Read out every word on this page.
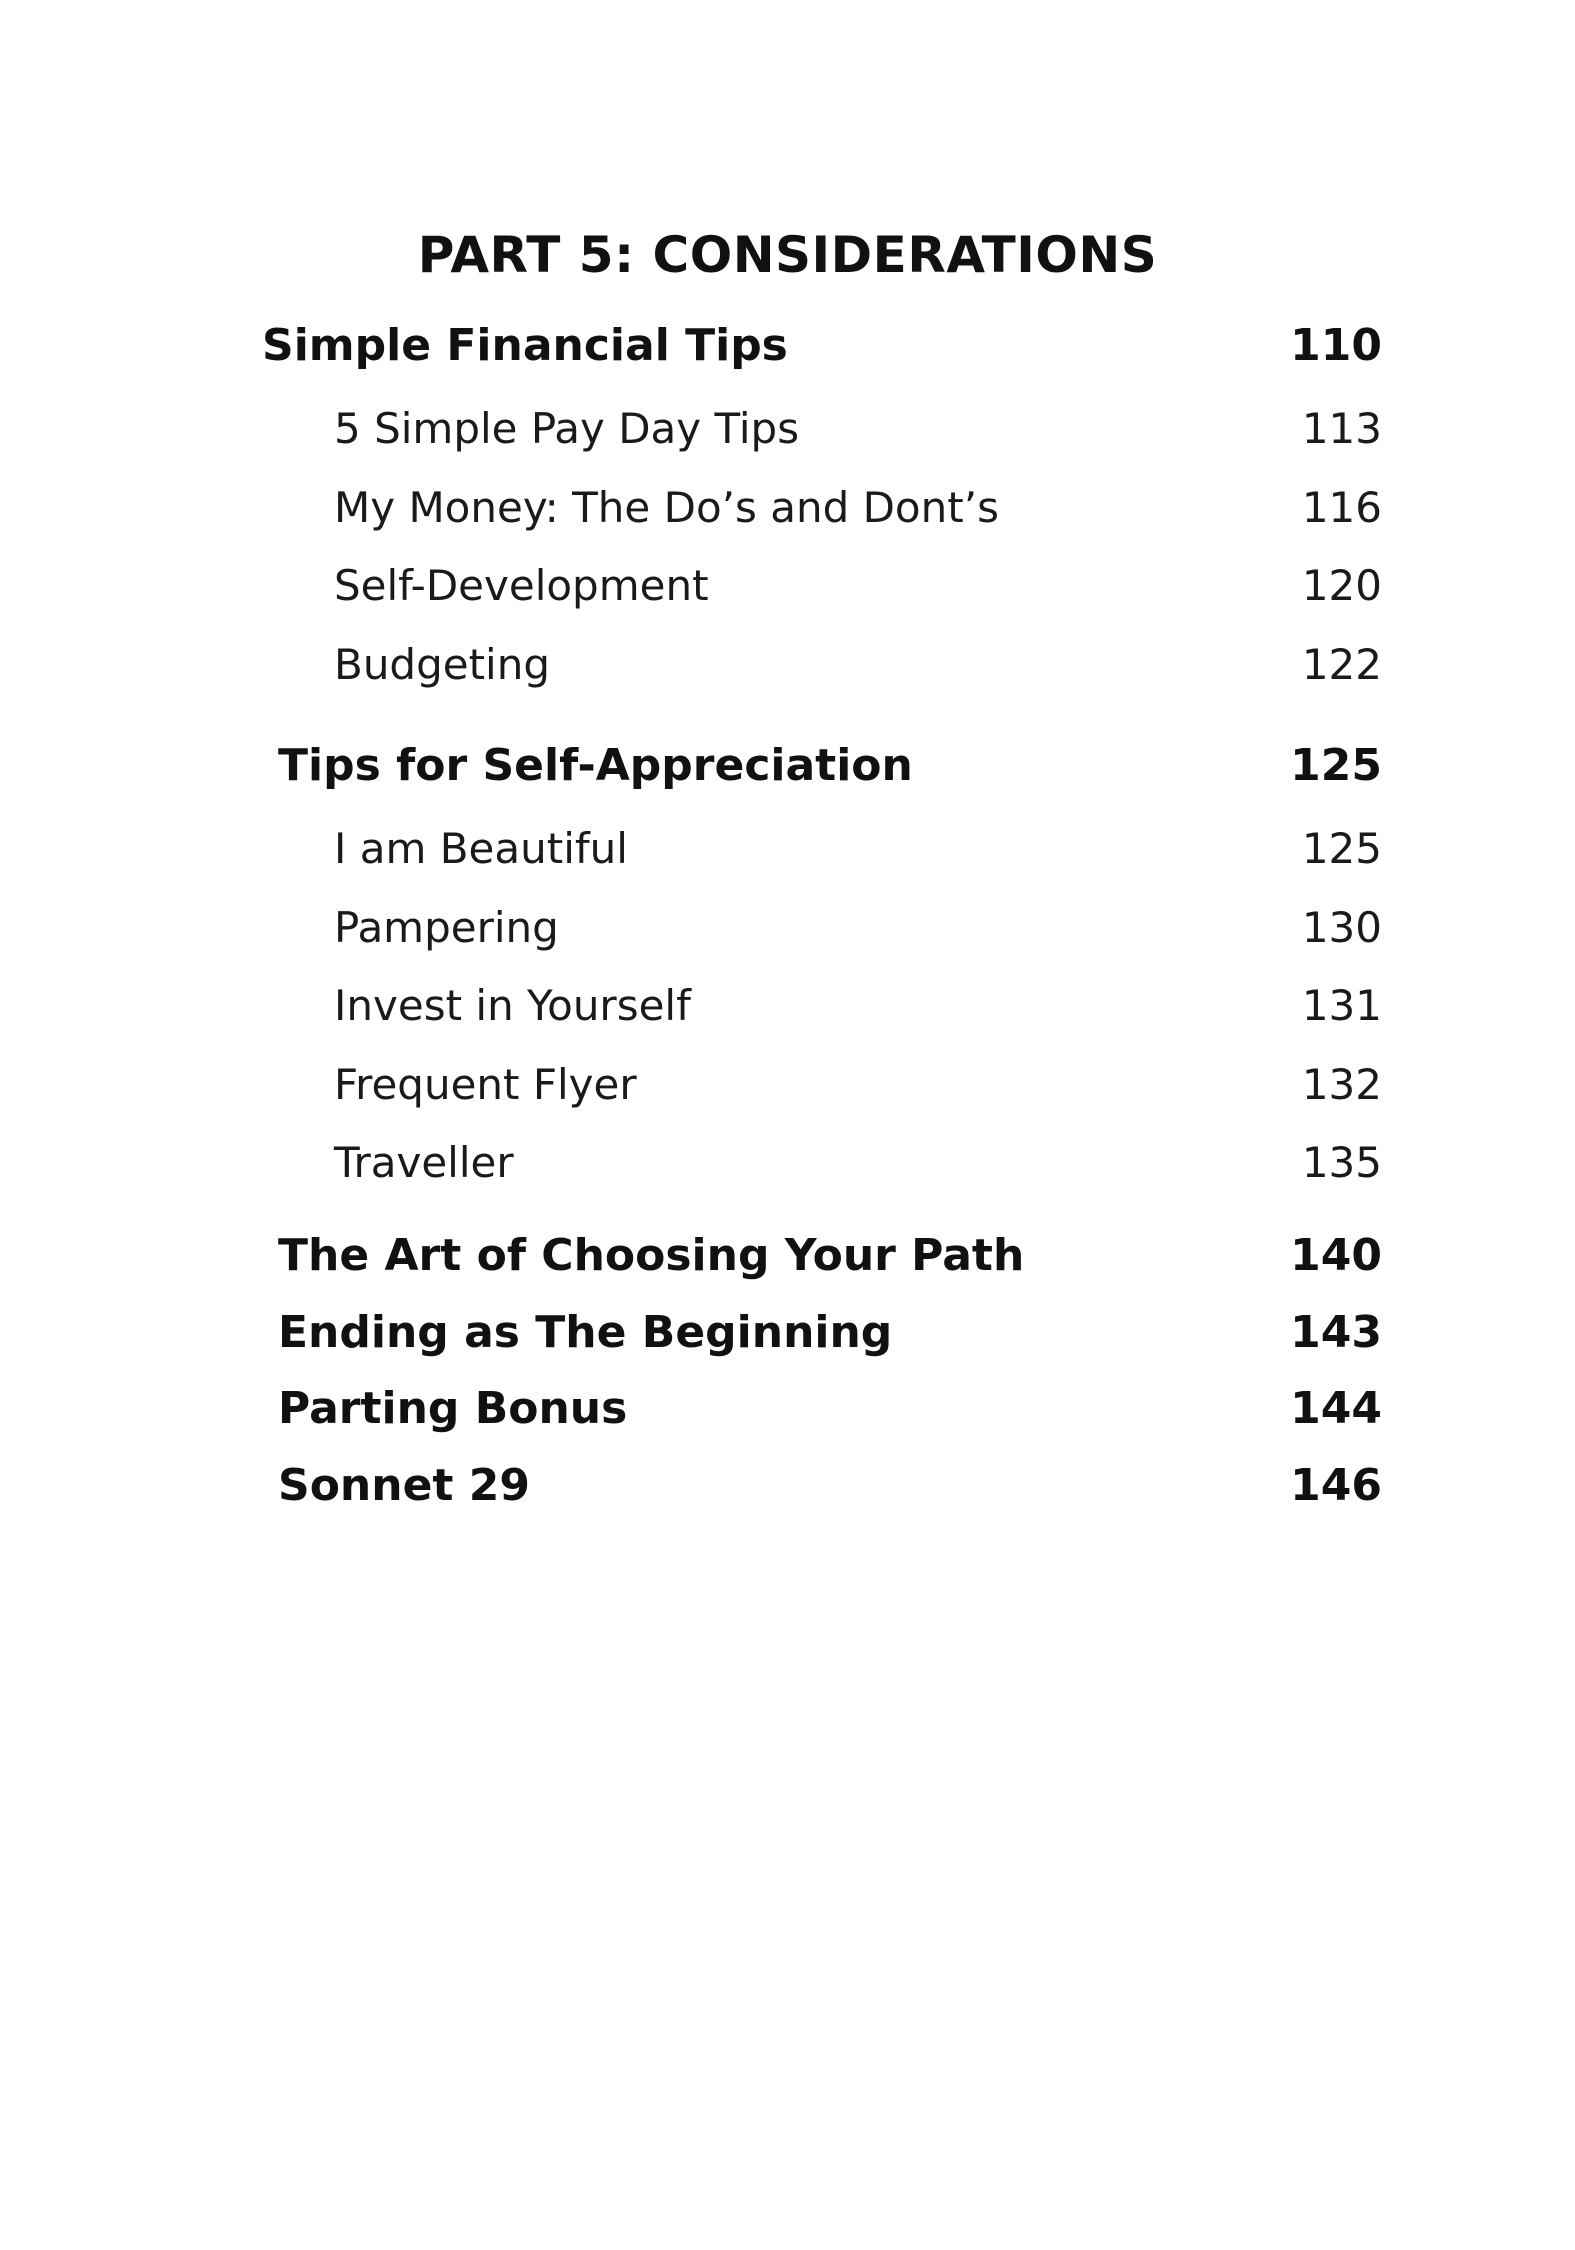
PART 5: CONSIDERATIONS
Simple Financial Tips	110
5 Simple Pay Day Tips	113
My Money: The Do’s and Dont’s	116
Self-Development	120
Budgeting	122
Tips for Self-Appreciation	125
I am Beautiful	125
Pampering	130
Invest in Yourself	131
Frequent Flyer	132
Traveller	135
The Art of Choosing Your Path	140
Ending as The Beginning	143
Parting Bonus	144
Sonnet 29	146
